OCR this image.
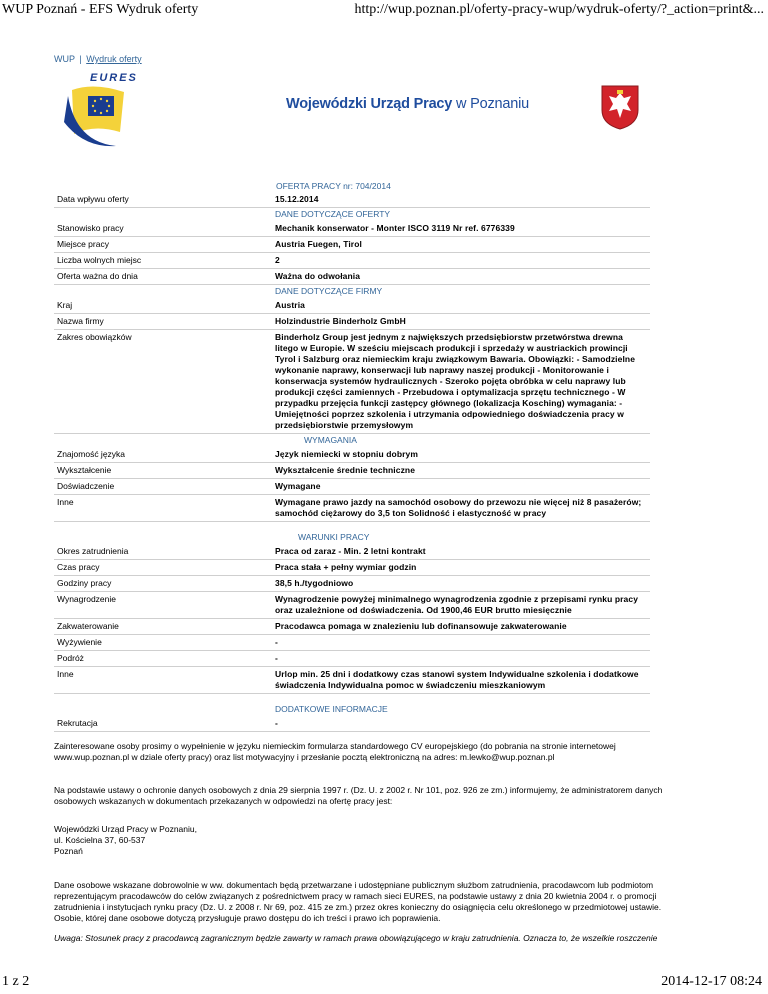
WUP Poznań - EFS Wydruk oferty	http://wup.poznan.pl/oferty-pracy-wup/wydruk-oferty/?_action=print&...
WUP | Wydruk oferty
EURES
Wojewódzki Urząd Pracy w Poznaniu
OFERTA PRACY nr: 704/2014
Data wpływu oferty	15.12.2014
	DANE DOTYCZĄCE OFERTY
Stanowisko pracy	Mechanik konserwator - Monter ISCO 3119 Nr ref. 6776339
Miejsce pracy	Austria Fuegen, Tirol
Liczba wolnych miejsc	2
Oferta ważna do dnia	Ważna do odwołania
	DANE DOTYCZĄCE FIRMY
Kraj	Austria
Nazwa firmy	Holzindustrie Binderholz GmbH
Zakres obowiązków	Binderholz Group jest jednym z największych przedsiębiorstw przetwórstwa drewna litego w Europie. W sześciu miejscach produkcji i sprzedaży w austriackich prowincji Tyrol i Salzburg oraz niemieckim kraju związkowym Bawaria. Obowiązki: - Samodzielne wykonanie naprawy, konserwacji lub naprawy naszej produkcji - Monitorowanie i konserwacja systemów hydraulicznych - Szeroko pojęta obróbka w celu naprawy lub produkcji części zamiennych - Przebudowa i optymalizacja sprzętu technicznego - W przypadku przejęcia funkcji zastępcy głównego (lokalizacja Kosching) wymagania: - Umiejętności poprzez szkolenia i utrzymania odpowiedniego doświadczenia pracy w przedsiębiorstwie przemysłowym
	WYMAGANIA
Znajomość języka	Język niemiecki w stopniu dobrym
Wykształcenie	Wykształcenie średnie techniczne
Doświadczenie	Wymagane
Inne	Wymagane prawo jazdy na samochód osobowy do przewozu nie więcej niż 8 pasażerów; samochód ciężarowy do 3,5 ton Solidność i elastyczność w pracy
	WARUNKI PRACY
Okres zatrudnienia	Praca od zaraz - Min. 2 letni kontrakt
Czas pracy	Praca stała + pełny wymiar godzin
Godziny pracy	38,5 h./tygodniowo
Wynagrodzenie	Wynagrodzenie powyżej minimalnego wynagrodzenia zgodnie z przepisami rynku pracy oraz uzależnione od doświadczenia. Od 1900,46 EUR brutto miesięcznie
Zakwaterowanie	Pracodawca pomaga w znalezieniu lub dofinansowuje zakwaterowanie
Wyżywienie	-
Podróż	-
Inne	Urlop min. 25 dni i dodatkowy czas stanowi system Indywidualne szkolenia i dodatkowe świadczenia Indywidualna pomoc w świadczeniu mieszkaniowym
	DODATKOWE INFORMACJE
Rekrutacja	-
Zainteresowane osoby prosimy o wypełnienie w języku niemieckim formularza standardowego CV europejskiego (do pobrania na stronie internetowej www.wup.poznan.pl w dziale oferty pracy) oraz list motywacyjny i przesłanie pocztą elektroniczną na adres: m.lewko@wup.poznan.pl
Na podstawie ustawy o ochronie danych osobowych z dnia 29 sierpnia 1997 r. (Dz. U. z 2002 r. Nr 101, poz. 926 ze zm.) informujemy, że administratorem danych osobowych wskazanych w dokumentach przekazanych w odpowiedzi na ofertę pracy jest:
Wojewódzki Urząd Pracy w Poznaniu,
ul. Kościelna 37, 60-537
Poznań
Dane osobowe wskazane dobrowolnie w ww. dokumentach będą przetwarzane i udostępniane publicznym służbom zatrudnienia, pracodawcom lub podmiotom reprezentującym pracodawców do celów związanych z pośrednictwem pracy w ramach sieci EURES, na podstawie ustawy z dnia 20 kwietnia 2004 r. o promocji zatrudnienia i instytucjach rynku pracy (Dz. U. z 2008 r. Nr 69, poz. 415 ze zm.) przez okres konieczny do osiągnięcia celu określonego w przedmiotowej ustawie. Osobie, której dane osobowe dotyczą przysługuje prawo dostępu do ich treści i prawo ich poprawienia.
Uwaga: Stosunek pracy z pracodawcą zagranicznym będzie zawarty w ramach prawa obowiązującego w kraju zatrudnienia. Oznacza to, że wszelkie roszczenie
1 z 2	2014-12-17 08:24
